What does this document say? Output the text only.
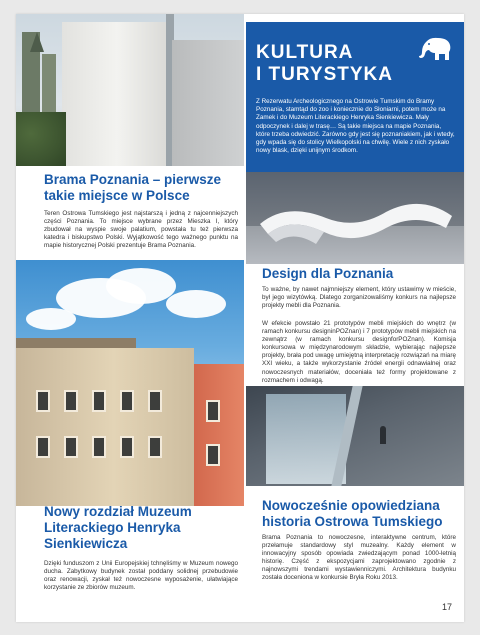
KULTURA
I TURYSTYKA

Z Rezerwatu Archeologicznego na Ostrowie Tumskim do Bramy Poznania, stamtąd do zoo i koniecznie do Słoniarni, potem może na Zamek i do Muzeum Literackiego Henryka Sienkiewicza. Mały odpoczynek i dalej w trasę… Są takie miejsca na mapie Poznania, które trzeba odwiedzić. Zarówno gdy jest się poznaniakiem, jak i wtedy, gdy wpada się do stolicy Wielkopolski na chwilę. Wiele z nich zyskało nowy blask, dzięki unijnym środkom.

Brama Poznania – pierwsze takie miejsce w Polsce

Teren Ostrowa Tumskiego jest najstarszą i jedną z najcenniejszych części Poznania. To miejsce wybrane przez Mieszka I, który zbudował na wyspie swoje palatium, powstała tu też pierwsza katedra i biskupstwo Polski. Wyjątkowość tego ważnego punktu na mapie historycznej Polski prezentuje Brama Poznania.

Design dla Poznania

To ważne, by nawet najmniejszy element, który ustawimy w mieście, był jego wizytówką. Dlatego zorganizowaliśmy konkurs na najlepsze projekty mebli dla Poznania.

W efekcie powstało 21 prototypów mebli miejskich do wnętrz (w ramach konkursu designinPOZnan) i 7 prototypów mebli miejskich na zewnątrz (w ramach konkursu designforPOZnan). Komisja konkursowa w międzynarodowym składzie, wybierając najlepsze projekty, brała pod uwagę umiejętną interpretację rozwiązań na miarę XXI wieku, a także wykorzystanie źródeł energii odnawialnej oraz nowoczesnych materiałów, doceniała też formy projektowane z rozmachem i odwagą.

Nowy rozdział Muzeum Literackiego Henryka Sienkiewicza

Dzięki funduszom z Unii Europejskiej tchnęliśmy w Muzeum nowego ducha. Zabytkowy budynek został poddany solidnej przebudowie oraz renowacji, zyskał też nowoczesne wyposażenie, ułatwiające korzystanie ze zbiorów muzeum.

Nowocześnie opowiedziana historia Ostrowa Tumskiego

Brama Poznania to nowoczesne, interaktywne centrum, które przełamuje standardowy styl muzealny. Każdy element w innowacyjny sposób opowiada zwiedzającym ponad 1000-letnią historię. Część z ekspozycjami zaprojektowano zgodnie z najnowszymi trendami wystawienniczymi. Architektura budynku została doceniona w konkursie Bryła Roku 2013.

17
